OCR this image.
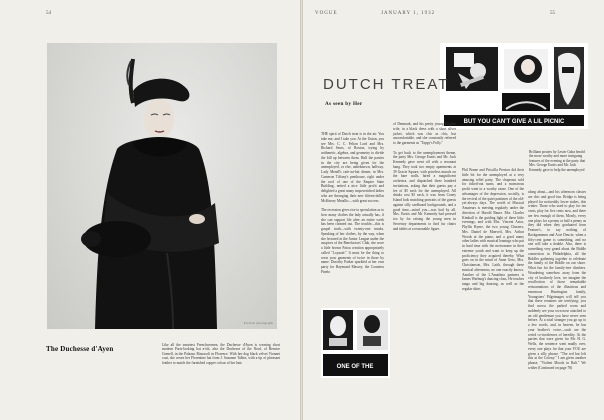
54
Portrait photograph
The Duchesse d'Ayen	Like all the smartest Frenchwomen, the Duchesse d'Ayen is wearing short modern Paris-looking hat a-tilt, also the Duchesse of the Nord, of Bernice Grenell, in the Palazzo Rinsacoli in Florence. With her dog black velvet Vionnet coat, she wears her Florentine hat from J. Suzanne Talbot, with a tip of pheasant feather to match the furnished copper colour of her hair.
VOGUE	JANUARY 1, 1932	55
BUT YOU CAN'T GIVE A LIL PICNIC
DUTCH TREAT
As seen by Her
THE spirit of Dutch treat is in the air. You take me, and I take you. At the Union, you see Mrs. C. C. Felton Lord and Mrs. Richard Sears, of Boston, trying by arithmetic, algebra, and geometry to divide the bill up between them. Half the parties in the city are being given for the unemployed, or else, unbeknown, halfway. Lady Mendl's cafe-au-lait dinner, in Mrs. Cameron Tiffany's penthouse, right under the roof of one of the Empire State Building, netted a nice little profit and delighted a great many impoverished ladies who are thronging their new fifteen-dollar McKinsey Metallic—with great success.

The recession gives rise to speculation as to how many clothes the lady actually has, if she can support life after an entire week has been cleaned out. The trouble—this is gospel truth—with twenty-one trunks. Speaking of her clothes, by the way, when she lectured at the Junior League under the auspices of the Benefactors' Club, she wore a little brown Patou creation appropriately called "Loyauté." It must be the thing to wear your garments of twice in those by name. Dorothy Parker sparkled at her own party for Raymond Massey, the Countess Pinelo
of Denmark, and his pretty young English wife, in a black dress with a short silver jacket, which was chic as chic, but uncomfortable, and she constantly referred to the garments as "Tappy's Folly."

To get back to the unemployment theme, the party Mrs. George Eustis and Mr. Jack Kennedy gave went off with a resonant bang. They took two empty apartments at 39 Gracie Square, with priceless murals on the bare walls, hired a magnificent orchestra, and dispatched three hundred invitations, asking that their guests pay a fee of $5 each for the unemployed. All drinks cost $5 each, it was from Coney Island look matching portraits of the guests against silly cardboard backgrounds, and a good time—mind you—was had by all. Mrs. Eustis and Mr. Kennedy had pressed too by for raising the young men in Secretary departments to find fur chairs and tables at a reasonable figure.
Phil Brune and Priscilla Preston did their little bit for the unemployed at a very amusing relief party. The chapeaux sold for ticked-out sums, and a monstrous profit went to a worthy cause. One of the advantages of the depression, socially, is the revival of the quiet pastimes of the old-yet-always days. The world of Musical Amateurs is meeting regularly under the direction of Harold Bauer. Mrs. Charles Kimball is the guiding light of these little evenings, and with Mrs. Vincent Astor, Phyllis Byrne, the two young Chasters, Mrs. Daniel de Monveil, Mrs. Arthur Woods at the piano, and a good many other ladies with musical leanings who put in hard time with the metronome in their extreme youth and want to keep up the proficiency they acquired thereby. What goes on in the mind of Anne Gero, Mrs. Christianson, Mrs. Laith, through these musical afternoons, no one exactly knows. Another of the L'Amafinio partners is James Warburg's dancing class, He teaches tango and big dancing, as well as the regular skins
Brilliant posters by Lester Gaba herald the more worthy and more intriguing features of the evening at the party that Mrs. George Eustis and Mr. Jack Kennedy gave to help the unemployed
along about—and his afternoon classes are chic and good fun. Bridge is being played for noticeably lower stakes, this winter. Those who used to play for ten cents, play for five cents now, and there are few enough of them. Mostly, every one plays for a penny or half a penny as they did when they graduated from Feature's, to say nothing of Backgammon and Acie Deucie, when a fifty-cent game is something, and no one will take a double. Also, there is something very grand about the Biddle connection in Philadelphia, all the Biddles gathering together to celebrate the family of the Biddle on our shore. What fun for the family-tree climbers. Wondering somehow away from the city of brotherly love, we imagine the recollection of those remarkable reincarnations of the illustrious and enormous Huntington family, Youngsters' Pilgrimages will tell you that these reunions are terrifying; you find across the parked room and suddenly see your own nose attached to an old gentleman you have never seen before. At a total stranger you go up to a few words, and, in heaven, he has your brother's voice—such are the weird co-incidences of heredity. At the parties that were given for Mr. H. G. Wells, the sentence went madly over, every one plays for that your YOU are given a silly phrase. "The red hat left this at the Colony." I am given another phrase, "Violent Moods in Bali." We wither (Continued on page 78)
ONE OF THE
